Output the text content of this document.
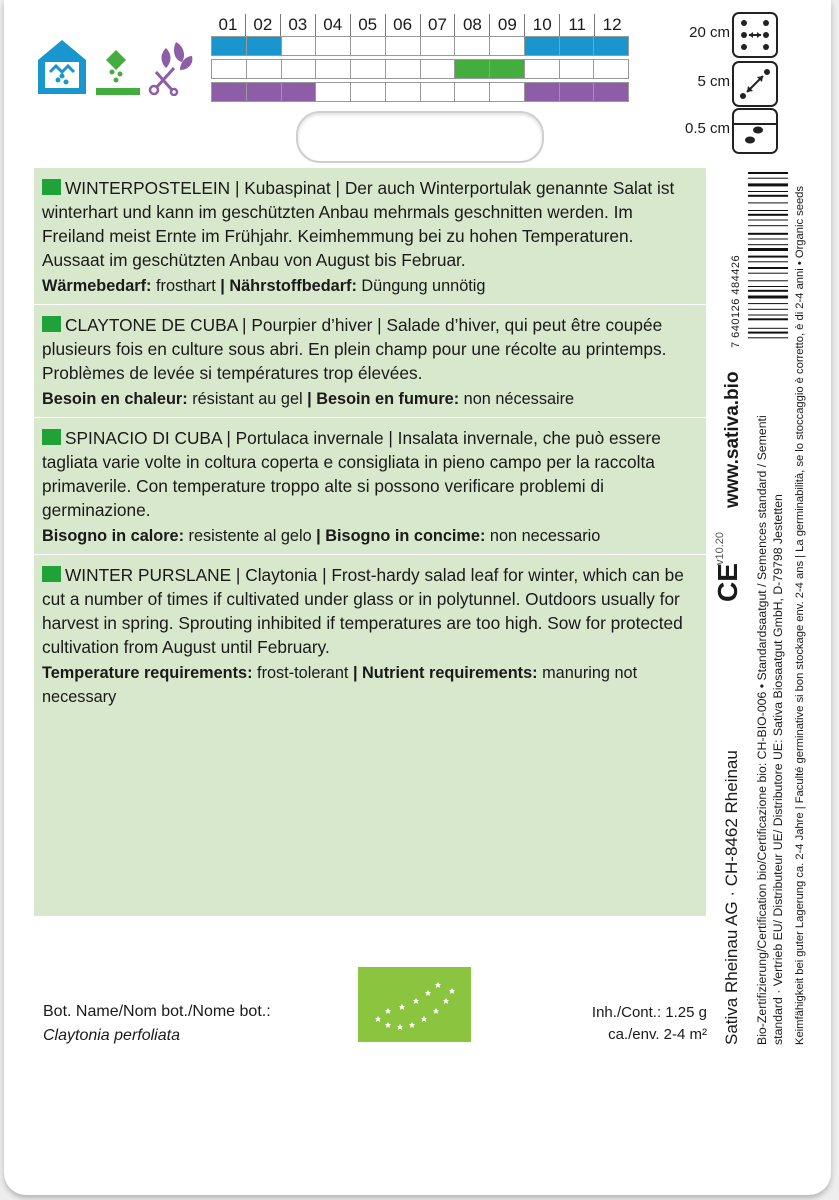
01 02 03 04 05 06 07 08 09 10 11 12	20 cm
5 cm
0.5 cm
WINTERPOSTELEIN | Kubaspinat | Der auch Winterportulak genannte Salat ist winterhart und kann im geschützten Anbau mehrmals geschnitten werden. Im Freiland meist Ernte im Frühjahr. Keimhemmung bei zu hohen Temperaturen. Aussaat im geschützten Anbau von August bis Februar.
Wärmebedarf: frosthart | Nährstoffbedarf: Düngung unnötig
CLAYTONE DE CUBA | Pourpier d’hiver | Salade d’hiver, qui peut être coupée plusieurs fois en culture sous abri. En plein champ pour une récolte au printemps. Problèmes de levée si températures trop élevées.
Besoin en chaleur: résistant au gel | Besoin en fumure: non nécessaire
SPINACIO DI CUBA | Portulaca invernale | Insalata invernale, che può essere tagliata varie volte in coltura coperta e consigliata in pieno campo per la raccolta primaverile. Con temperature troppo alte si possono verificare problemi di germinazione.
Bisogno in calore: resistente al gelo | Bisogno in concime: non necessario
WINTER PURSLANE | Claytonia | Frost-hardy salad leaf for winter, which can be cut a number of times if cultivated under glass or in polytunnel. Outdoors usually for harvest in spring. Sprouting inhibited if temperatures are too high. Sow for protected cultivation from August until February.
Temperature requirements: frost-tolerant | Nutrient requirements: manuring not necessary
Bot. Name/Nom bot./Nome bot.:
Claytonia perfoliata
Inh./Cont.: 1.25 g
ca./env. 2-4 m² Sativa Rheinau AG · CH-8462 Rheinau Bio-Zertifizierung/Certification bio/Certificazione bio: CH-BIO-006 • Standardsaatgut / Semences standard / Sementi standard · Vertrieb EU/ Distributeur UE/ Distributore UE: Sativa Biosaatgut GmbH, D-79798 Jestetten Keimfähigkeit bei guter Lagerung ca. 2-4 Jahre | Faculté germinative si bon stockage env. 2-4 ans | La germinabilità, se lo stoccaggio è corretto, è di 2-4 anni • Organic seeds
www.sativa.bio
v10.20
CE
7 640126 484426
